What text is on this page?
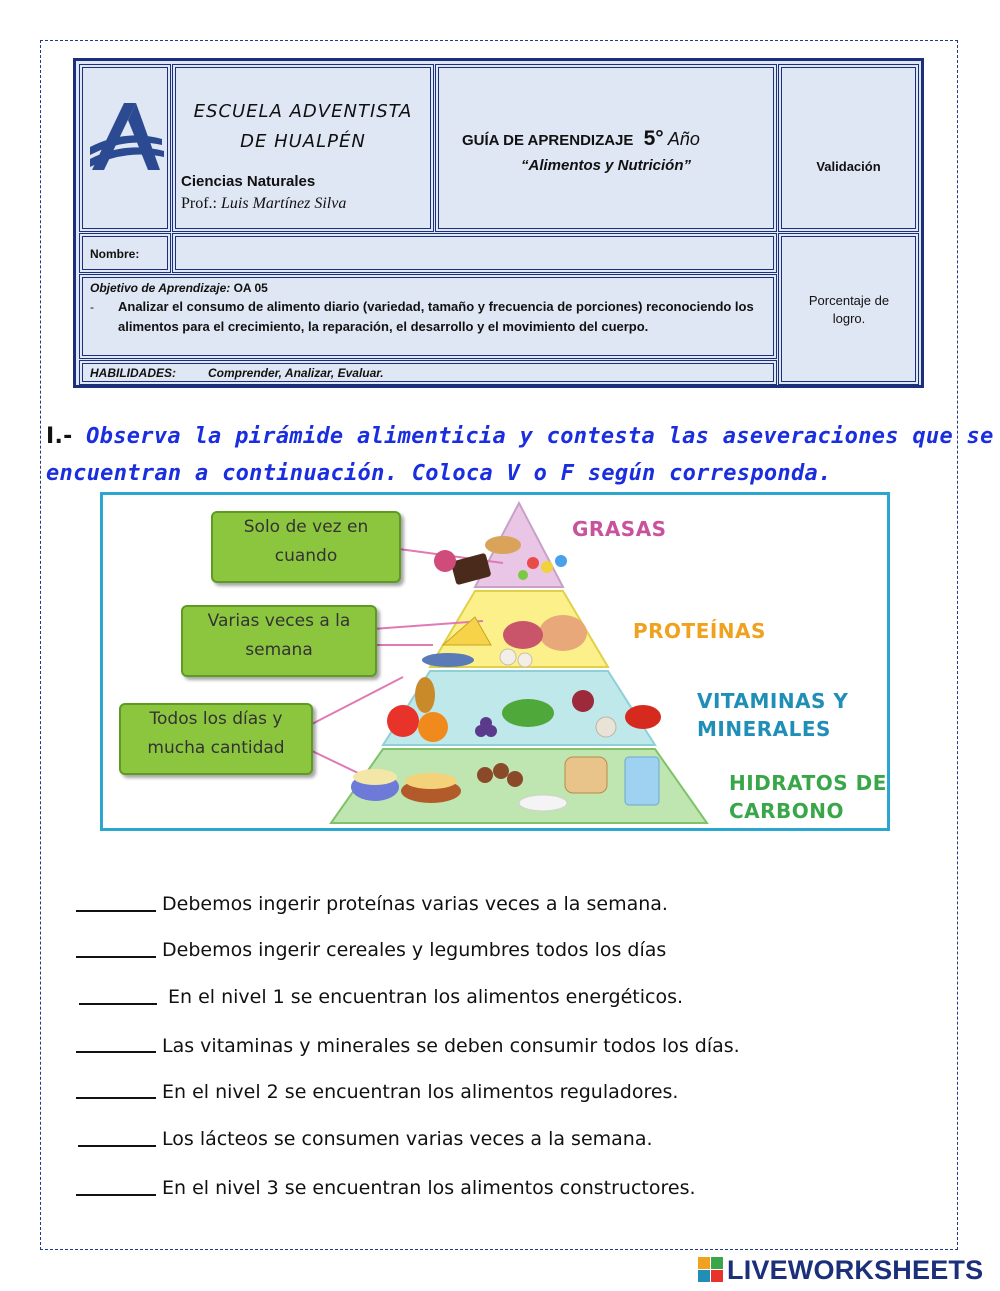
ESCUELA ADVENTISTA
DE HUALPÉN
Ciencias Naturales
Prof.: Luis Martínez Silva
GUÍA DE APRENDIZAJE 5° Año
“Alimentos y Nutrición”	Validación
Nombre:
Porcentaje de logro.
Objetivo de Aprendizaje: OA 05
- Analizar el consumo de alimento diario (variedad, tamaño y frecuencia de porciones) reconociendo los alimentos para el crecimiento, la reparación, el desarrollo y el movimiento del cuerpo.
HABILIDADES:	Comprender, Analizar, Evaluar.
I.- Observa la pirámide alimenticia y contesta las aseveraciones que se
encuentran a continuación. Coloca V o F según corresponda.
Solo de vez en
cuando
Varias veces a la
semana
Todos los días y
mucha cantidad
GRASAS
PROTEÍNAS
VITAMINAS Y
MINERALES
HIDRATOS DE
CARBONO
Debemos ingerir proteínas varias veces a la semana.
Debemos ingerir cereales y legumbres todos los días
En el nivel 1 se encuentran los alimentos energéticos.
Las vitaminas y minerales se deben consumir todos los días.
En el nivel 2 se encuentran los alimentos reguladores.
Los lácteos se consumen varias veces a la semana.
En el nivel 3 se encuentran los alimentos constructores.
LIVEWORKSHEETS
